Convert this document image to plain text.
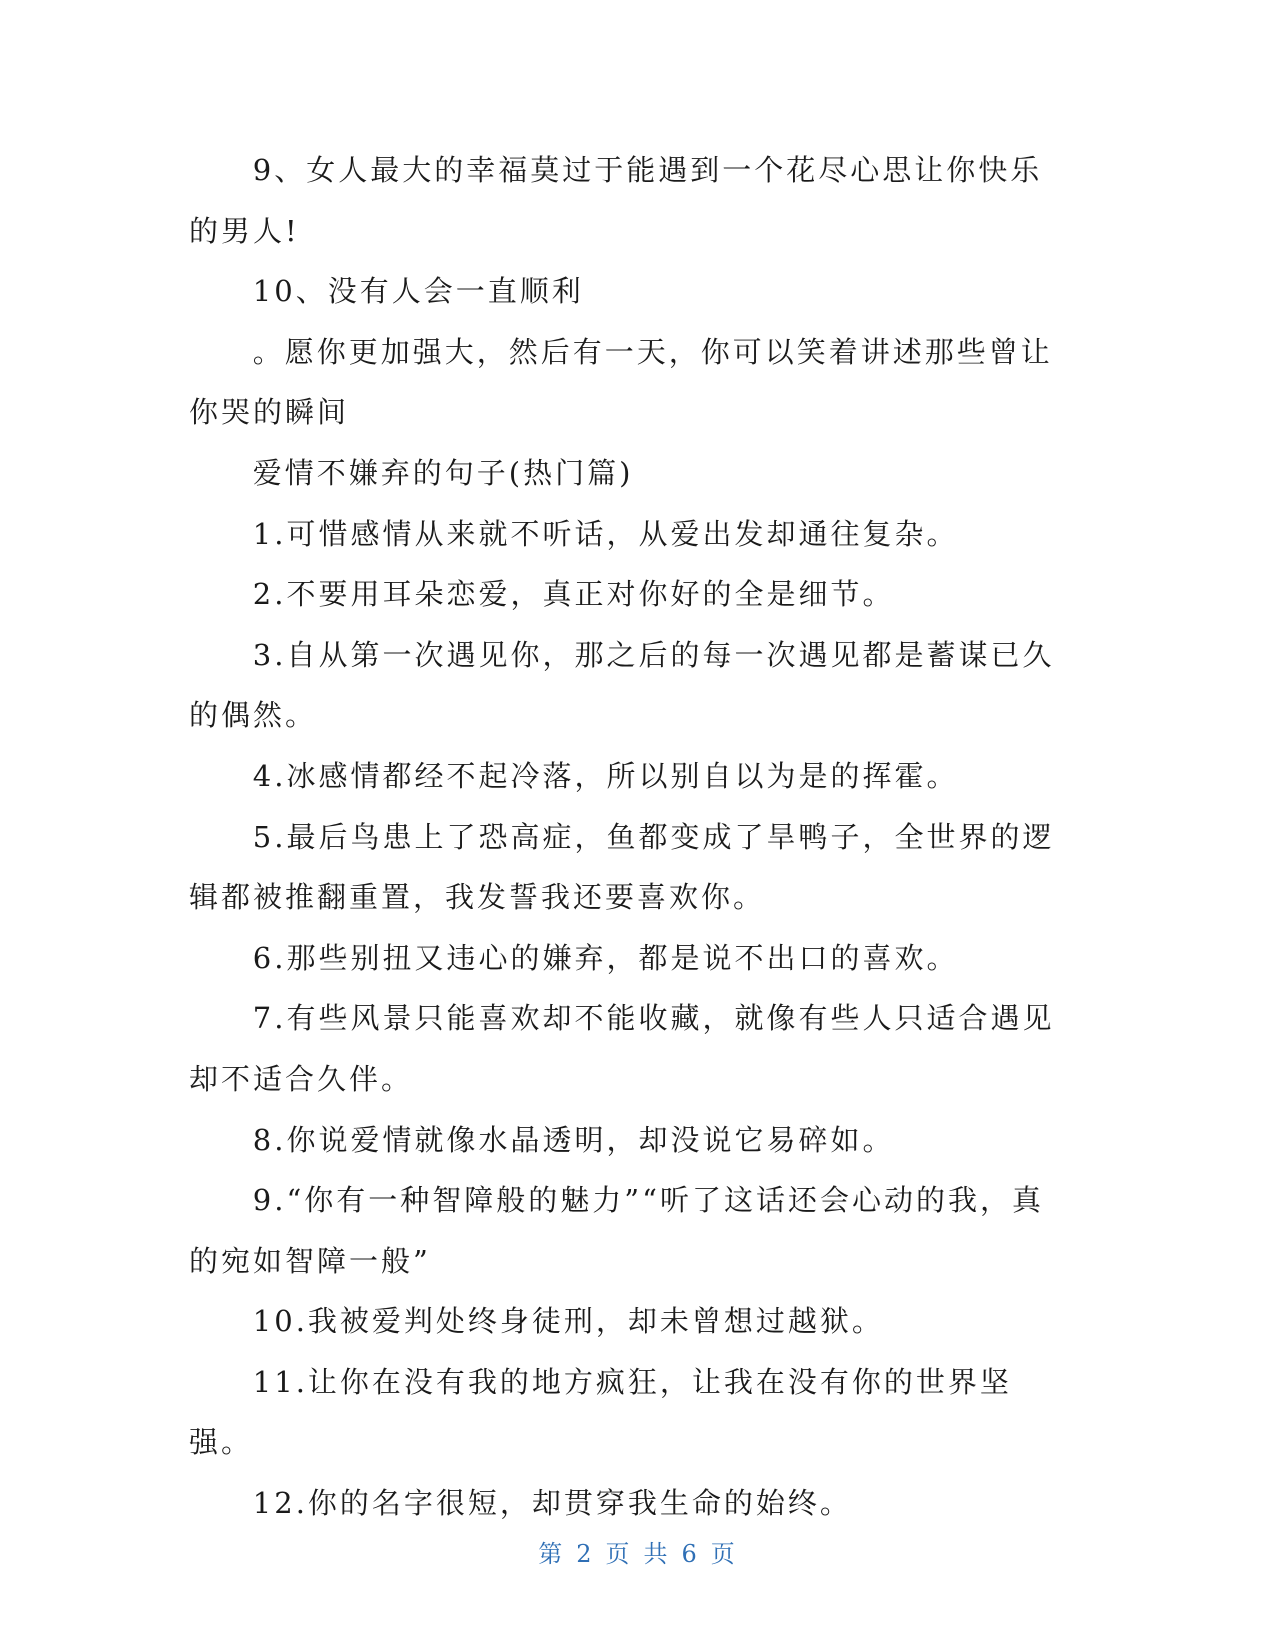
9、女人最大的幸福莫过于能遇到一个花尽心思让你快乐的男人!

10、没有人会一直顺利

。愿你更加强大，然后有一天，你可以笑着讲述那些曾让你哭的瞬间

爱情不嫌弃的句子(热门篇)

1.可惜感情从来就不听话，从爱出发却通往复杂。

2.不要用耳朵恋爱，真正对你好的全是细节。

3.自从第一次遇见你，那之后的每一次遇见都是蓄谋已久的偶然。

4.冰感情都经不起冷落，所以别自以为是的挥霍。

5.最后鸟患上了恐高症，鱼都变成了旱鸭子，全世界的逻辑都被推翻重置，我发誓我还要喜欢你。

6.那些别扭又违心的嫌弃，都是说不出口的喜欢。

7.有些风景只能喜欢却不能收藏，就像有些人只适合遇见却不适合久伴。

8.你说爱情就像水晶透明，却没说它易碎如。

9.“你有一种智障般的魅力”“听了这话还会心动的我，真的宛如智障一般”

10.我被爱判处终身徒刑，却未曾想过越狱。

11.让你在没有我的地方疯狂，让我在没有你的世界坚强。

12.你的名字很短，却贯穿我生命的始终。

第 2 页 共 6 页
